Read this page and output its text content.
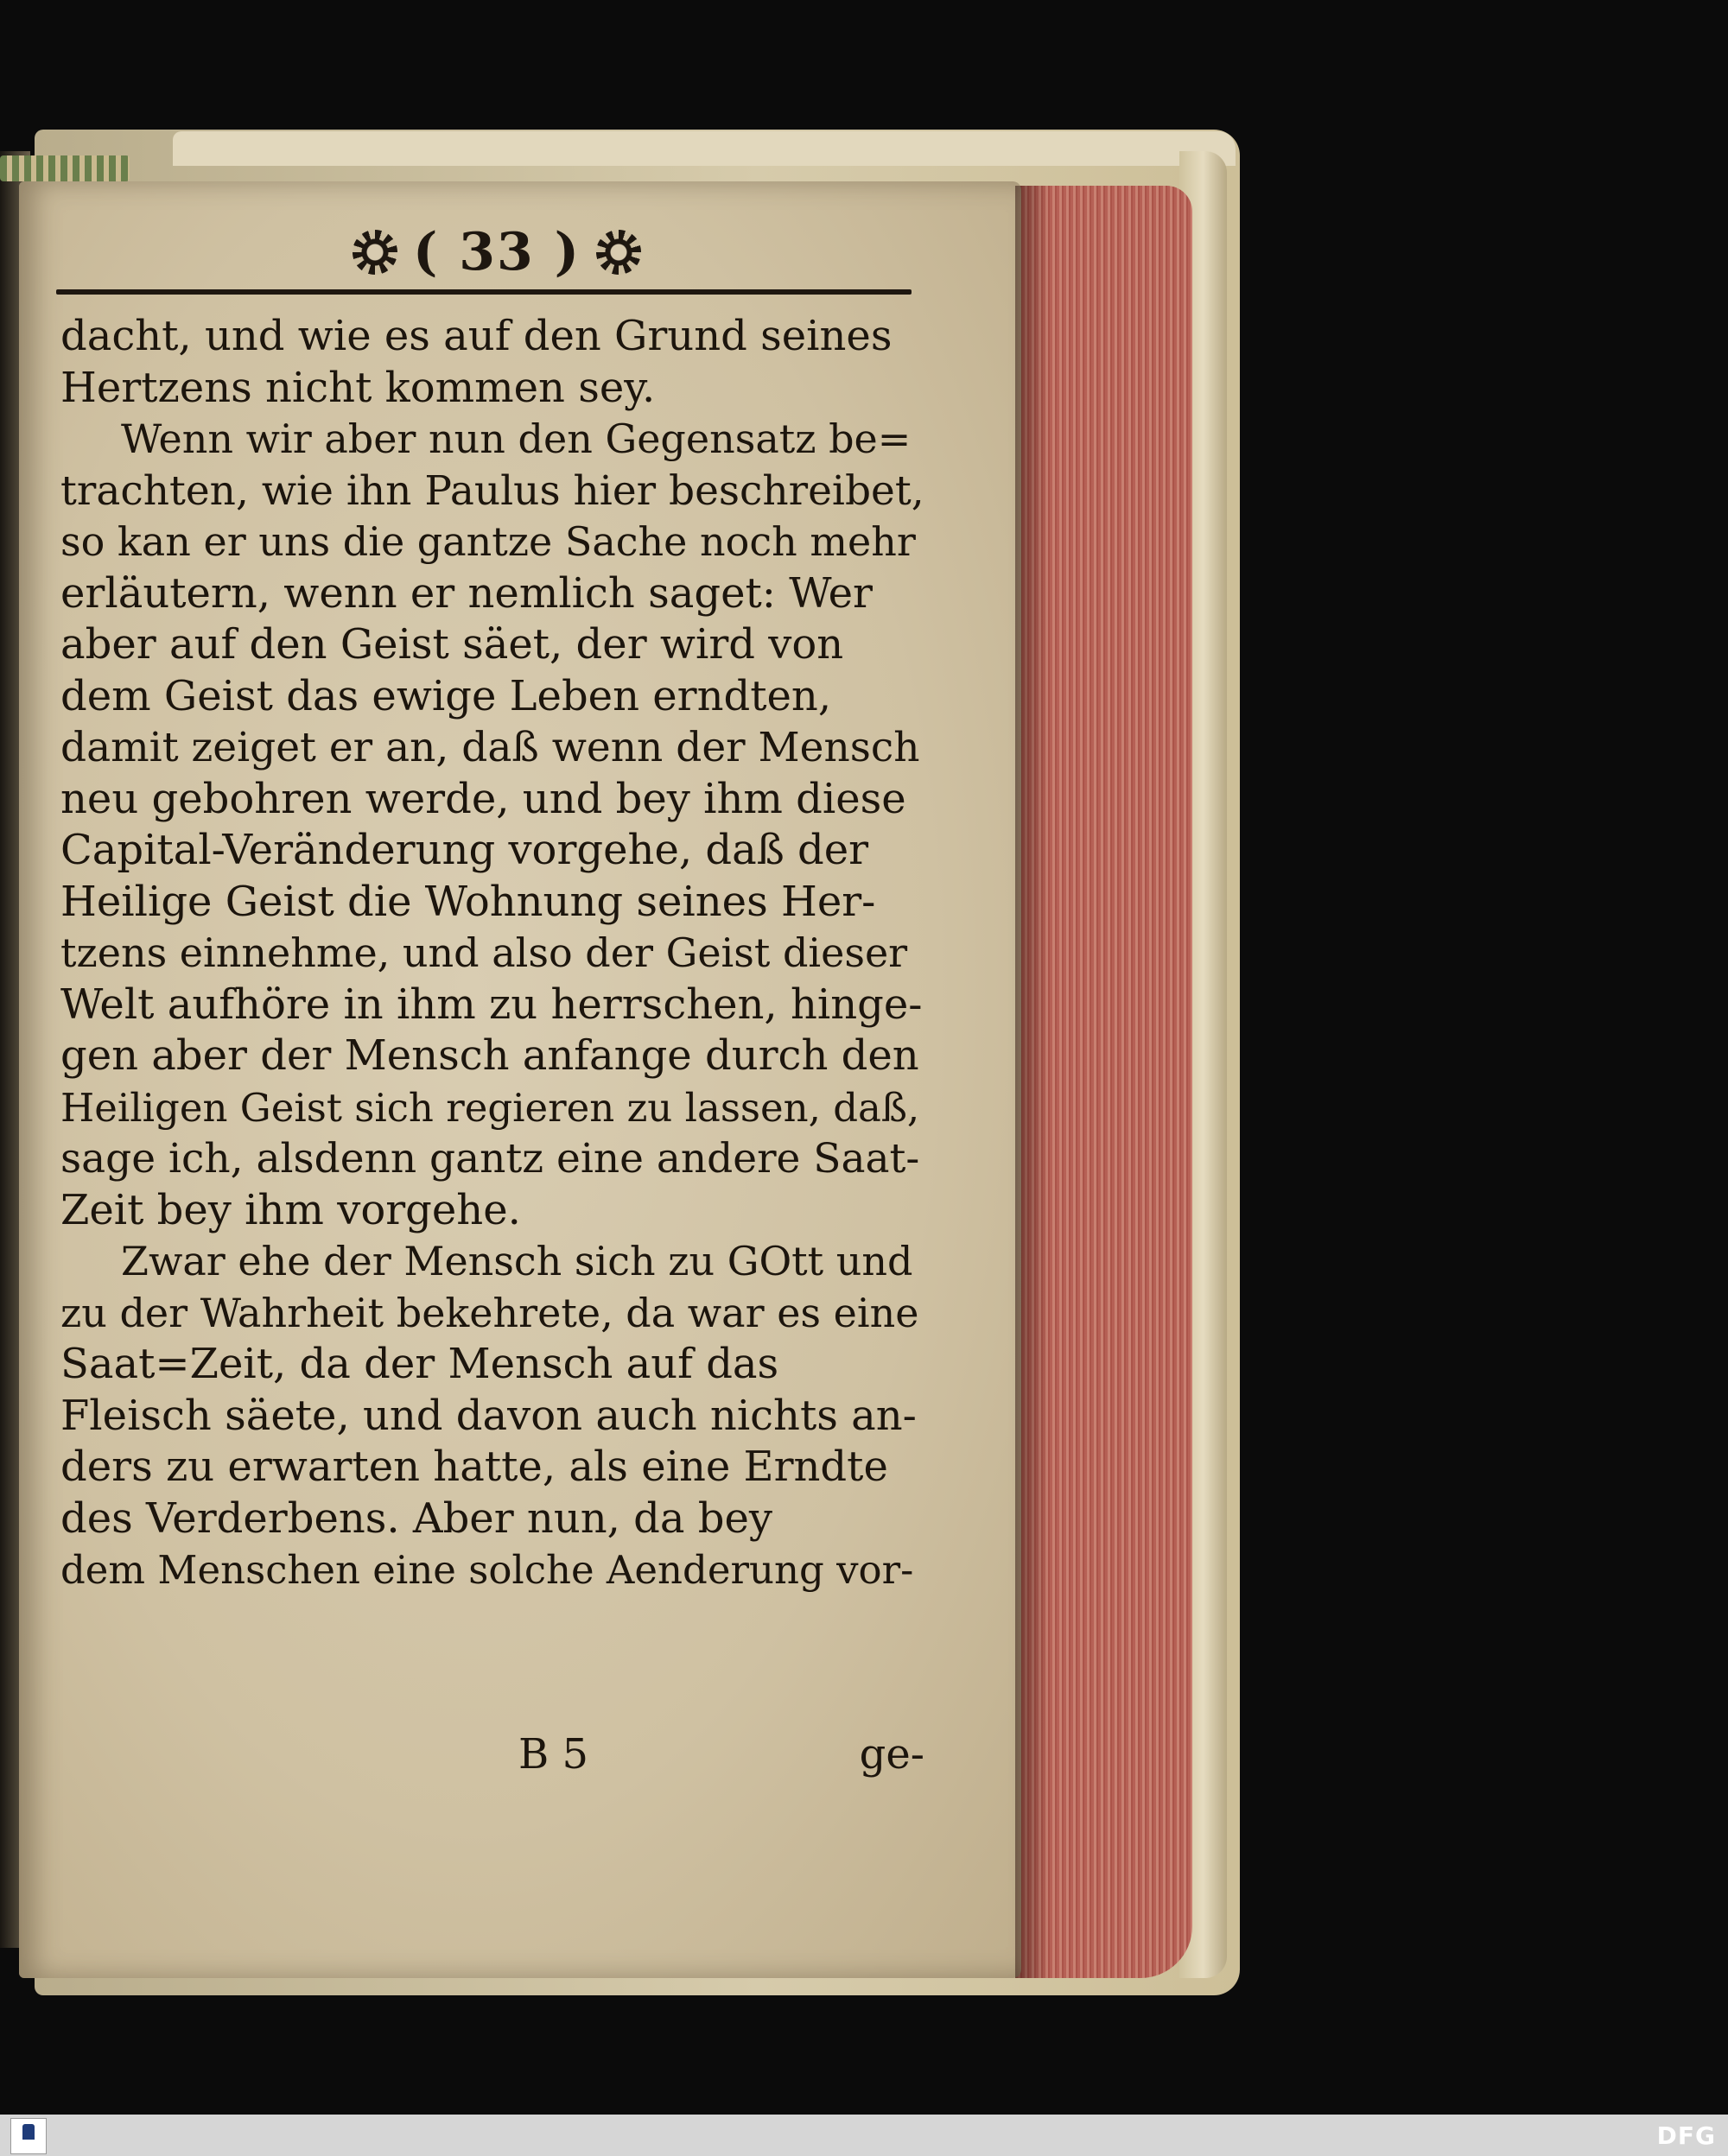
( 33 )
dacht, und wie es auf den Grund seines
Hertzens nicht kommen sey.
Wenn wir aber nun den Gegensatz be=
trachten, wie ihn Paulus hier beschreibet,
so kan er uns die gantze Sache noch mehr
erläutern, wenn er nemlich saget: Wer
aber auf den Geist säet, der wird von
dem Geist das ewige Leben erndten,
damit zeiget er an, daß wenn der Mensch
neu gebohren werde, und bey ihm diese
Capital-Veränderung vorgehe, daß der
Heilige Geist die Wohnung seines Her-
tzens einnehme, und also der Geist dieser
Welt aufhöre in ihm zu herrschen, hinge-
gen aber der Mensch anfange durch den
Heiligen Geist sich regieren zu lassen, daß,
sage ich, alsdenn gantz eine andere Saat-
Zeit bey ihm vorgehe.
Zwar ehe der Mensch sich zu GOtt und
zu der Wahrheit bekehrete, da war es eine
Saat=Zeit, da der Mensch auf das
Fleisch säete, und davon auch nichts an-
ders zu erwarten hatte, als eine Erndte
des Verderbens. Aber nun, da bey
dem Menschen eine solche Aenderung vor-
B 5	ge-
DFG
